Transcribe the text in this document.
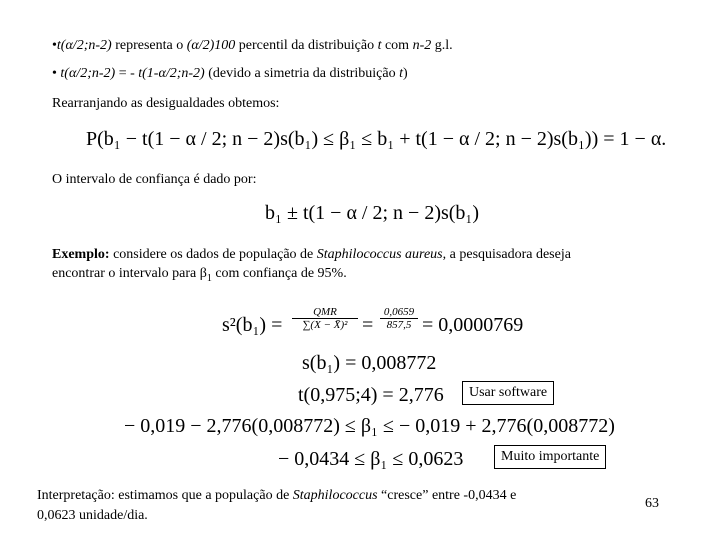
•t(α/2;n-2) representa o (α/2)100 percentil da distribuição t com n-2 g.l.
• t(α/2;n-2) = - t(1-α/2;n-2) (devido a simetria da distribuição t)
Rearranjando as desigualdades obtemos:
P(b₁ − t(1 − α / 2; n − 2)s(b₁) ≤ β₁ ≤ b₁ + t(1 − α / 2; n − 2)s(b₁)) = 1 − α.
O intervalo de confiança é dado por:
b₁ ± t(1 − α / 2; n − 2)s(b₁)
Exemplo: considere os dados de população de Staphilococcus aureus, a pesquisadora deseja
encontrar o intervalo para $\beta_1$ com confiança de 95%.
s²(b₁) =
QMR
∑(X − X̄)² =
0,0659
857,5 = 0,0000769
s(b₁) = 0,008772
t(0,975;4) = 2,776	Usar software
− 0,019 − 2,776(0,008772) ≤ β₁ ≤ − 0,019 + 2,776(0,008772)
− 0,0434 ≤ β₁ ≤ 0,0623	Muito importante
Interpretação: estimamos que a população de Staphilococcus “cresce” entre -0,0434 e
0,0623 unidade/dia.
63
